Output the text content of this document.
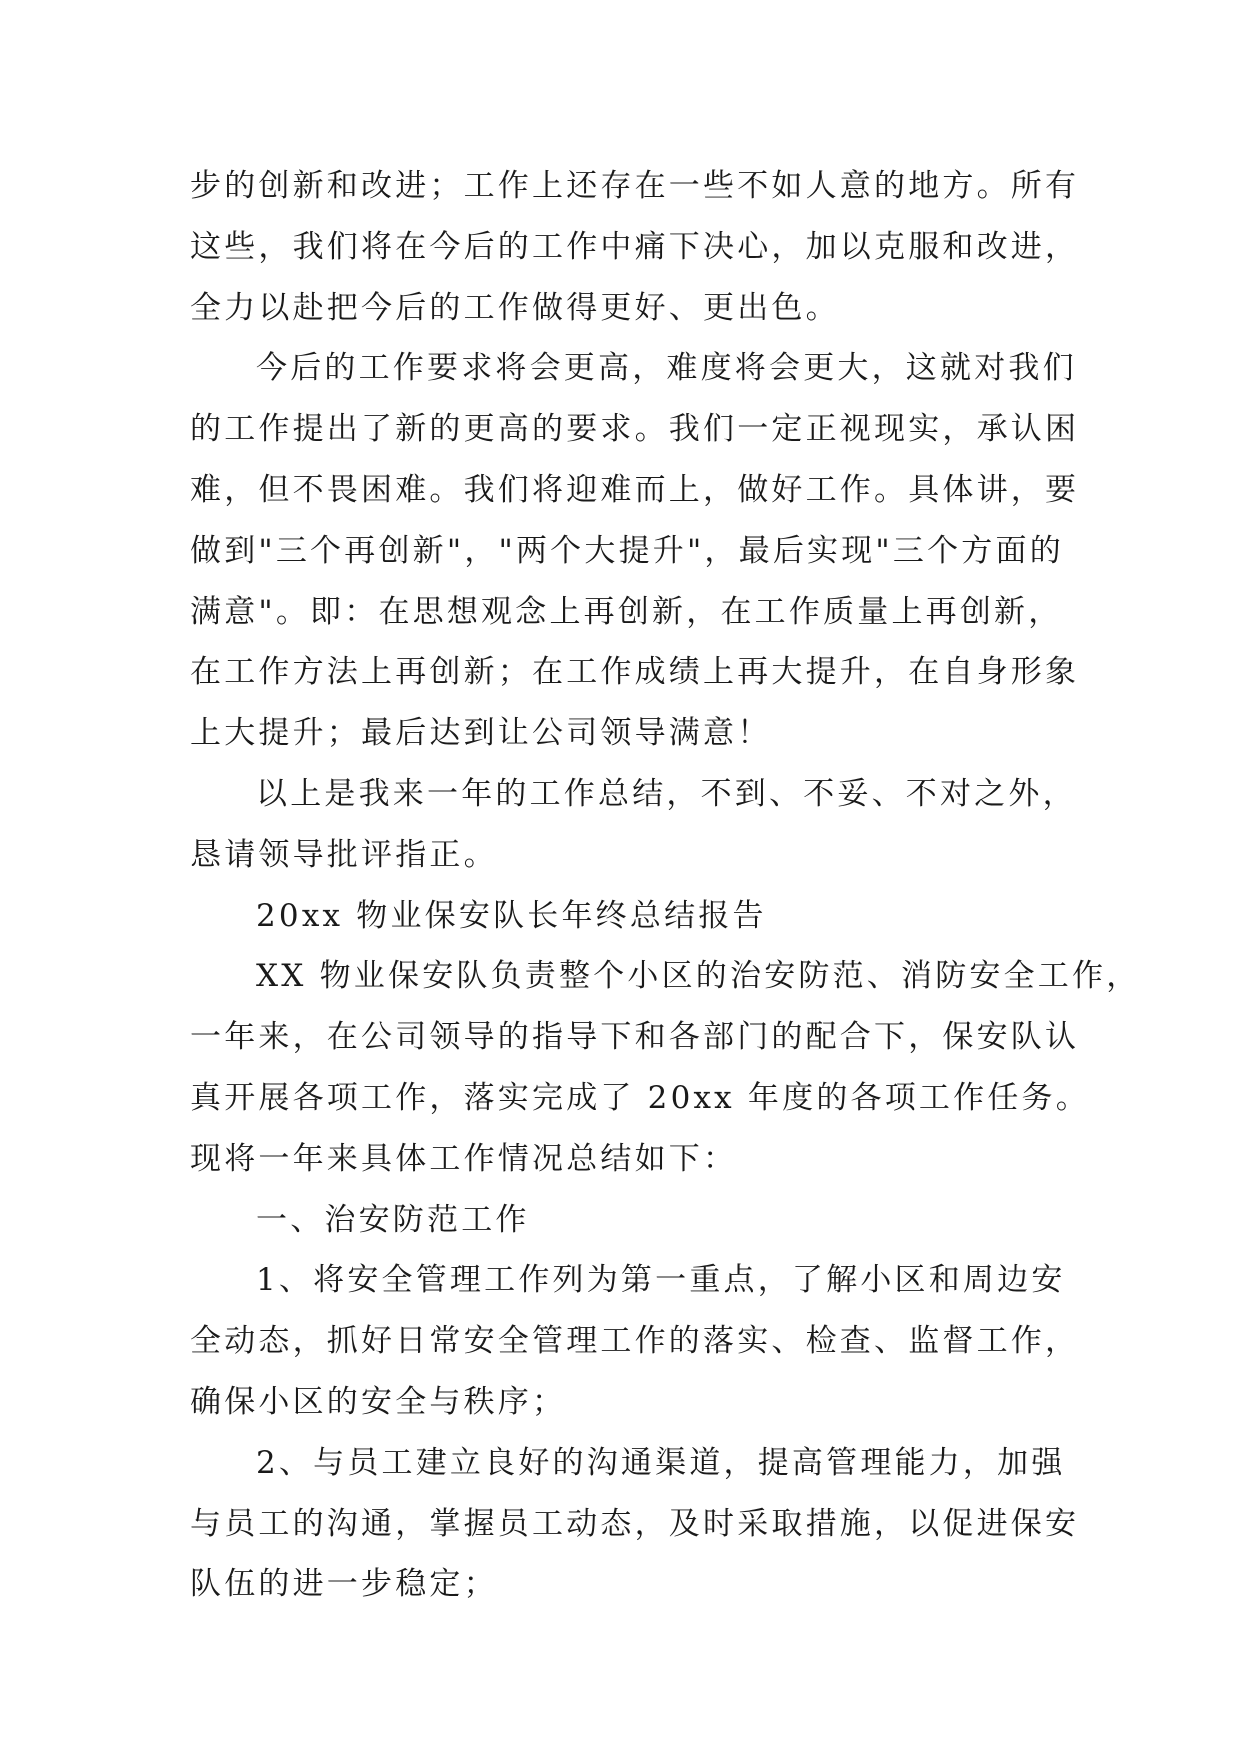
步的创新和改进；工作上还存在一些不如人意的地方。所有
这些，我们将在今后的工作中痛下决心，加以克服和改进，
全力以赴把今后的工作做得更好、更出色。
今后的工作要求将会更高，难度将会更大，这就对我们
的工作提出了新的更高的要求。我们一定正视现实，承认困
难，但不畏困难。我们将迎难而上，做好工作。具体讲，要
做到"三个再创新"，"两个大提升"，最后实现"三个方面的
满意"。即：在思想观念上再创新，在工作质量上再创新，
在工作方法上再创新；在工作成绩上再大提升，在自身形象
上大提升；最后达到让公司领导满意！
以上是我来一年的工作总结，不到、不妥、不对之外，
恳请领导批评指正。
20xx 物业保安队长年终总结报告
XX 物业保安队负责整个小区的治安防范、消防安全工作，
一年来，在公司领导的指导下和各部门的配合下，保安队认
真开展各项工作，落实完成了 20xx 年度的各项工作任务。
现将一年来具体工作情况总结如下：
一、治安防范工作
1、将安全管理工作列为第一重点，了解小区和周边安
全动态，抓好日常安全管理工作的落实、检查、监督工作，
确保小区的安全与秩序；
2、与员工建立良好的沟通渠道，提高管理能力，加强
与员工的沟通，掌握员工动态，及时采取措施，以促进保安
队伍的进一步稳定；
